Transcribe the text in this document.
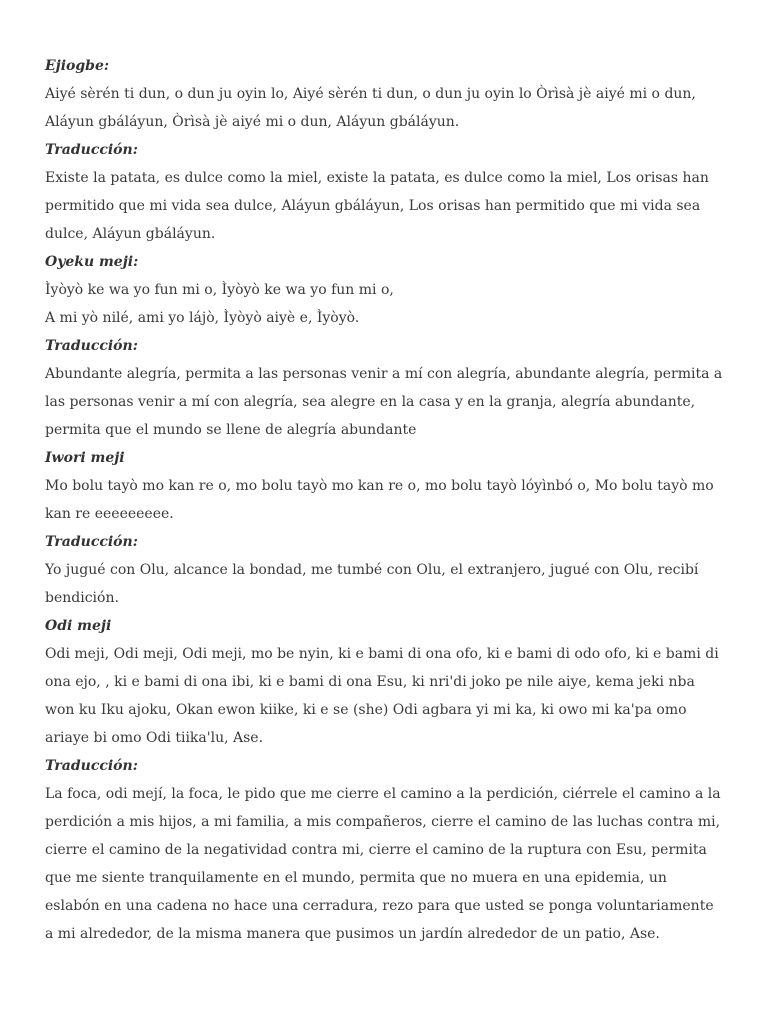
Ejiogbe:

Aiyé sèrén ti dun, o dun ju oyin lo, Aiyé sèrén ti dun, o dun ju oyin lo Òrìsà jè aiyé mi o dun, Aláyun gbáláyun, Òrìsà jè aiyé mi o dun, Aláyun gbáláyun.

Traducción:

Existe la patata, es dulce como la miel, existe la patata, es dulce como la miel, Los orisas han permitido que mi vida sea dulce, Aláyun gbáláyun, Los orisas han permitido que mi vida sea dulce, Aláyun gbáláyun.

Oyeku meji:

Ìyòyò ke wa yo fun mi o, Ìyòyò ke wa yo fun mi o,

A mi yò nilé, ami yo lájò, Ìyòyò aiyè e, Ìyòyò.

Traducción:

Abundante alegría, permita a las personas venir a mí con alegría, abundante alegría, permita a las personas venir a mí con alegría, sea alegre en la casa y en la granja, alegría abundante, permita que el mundo se llene de alegría abundante

Iwori meji

Mo bolu tayò mo kan re o, mo bolu tayò mo kan re o, mo bolu tayò lóyìnbó o, Mo bolu tayò mo kan re eeeeeeeee.

Traducción:

Yo jugué con Olu, alcance la bondad, me tumbé con Olu, el extranjero, jugué con Olu, recibí bendición.

Odi meji

Odi meji, Odi meji, Odi meji, mo be nyin, ki e bami di ona ofo, ki e bami di odo ofo, ki e bami di ona ejo, , ki e bami di ona ibi, ki e bami di ona Esu, ki nri'di joko pe nile aiye, kema jeki nba won ku Iku ajoku, Okan ewon kiike, ki e se (she) Odi agbara yi mi ka, ki owo mi ka'pa omo ariaye bi omo Odi tiika'lu, Ase.

Traducción:

La foca, odi mejí, la foca, le pido que me cierre el camino a la perdición, ciérrele el camino a la perdición a mis hijos, a mi familia, a mis compañeros, cierre el camino de las luchas contra mi, cierre el camino de la negatividad contra mi, cierre el camino de la ruptura con Esu, permita que me siente tranquilamente en el mundo, permita que no muera en una epidemia, un eslabón en una cadena no hace una cerradura, rezo para que usted se ponga voluntariamente a mi alrededor, de la misma manera que pusimos un jardín alrededor de un patio, Ase.
